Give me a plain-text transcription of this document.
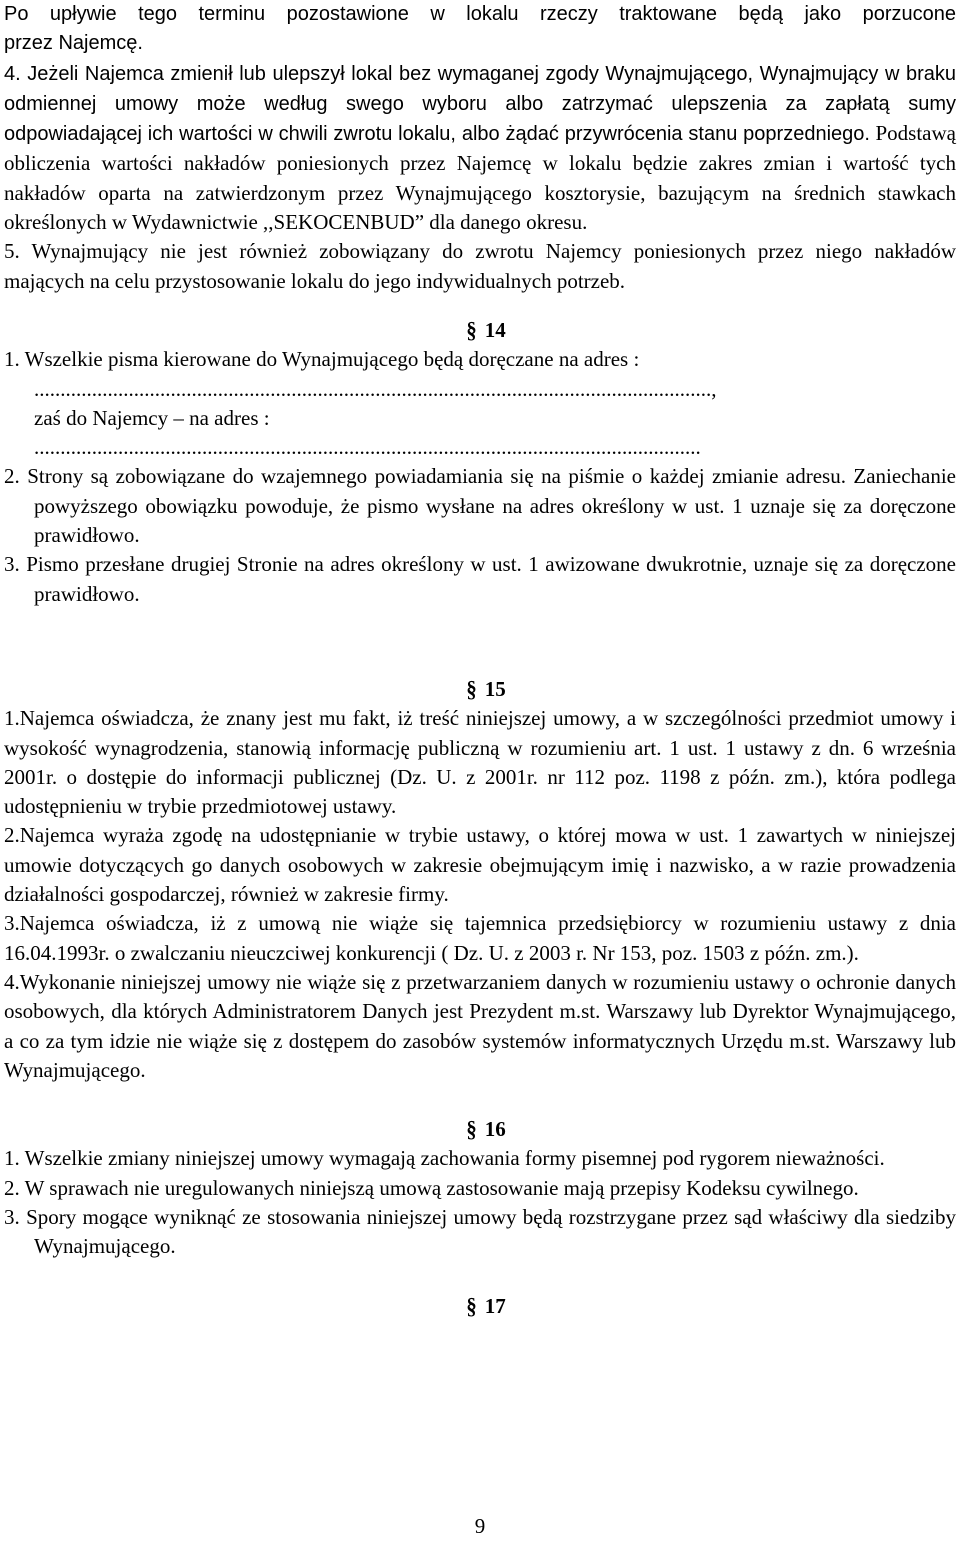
Po upływie tego terminu pozostawione w lokalu rzeczy traktowane będą jako porzucone

przez Najemcę.

4. Jeżeli Najemca zmienił lub ulepszył lokal bez wymaganej zgody Wynajmującego, Wynajmujący w braku odmiennej umowy może według swego wyboru albo zatrzymać ulepszenia za zapłatą sumy odpowiadającej ich wartości w chwili zwrotu lokalu, albo żądać przywrócenia stanu poprzedniego. Podstawą obliczenia wartości nakładów poniesionych przez Najemcę w lokalu będzie zakres zmian i wartość tych nakładów oparta na zatwierdzonym przez Wynajmującego kosztorysie, bazującym na średnich stawkach określonych w Wydawnictwie ,,SEKOCENBUD” dla danego okresu.

5. Wynajmujący nie jest również zobowiązany do zwrotu Najemcy poniesionych przez niego nakładów mających na celu przystosowanie lokalu do jego indywidualnych potrzeb.

§ 14

1. Wszelkie pisma kierowane do Wynajmującego będą doręczane na adres :

.................................................................................................................................,

zaś do Najemcy – na adres :

...............................................................................................................................

2. Strony są zobowiązane do wzajemnego powiadamiania się na piśmie o każdej zmianie adresu. Zaniechanie powyższego obowiązku powoduje, że pismo wysłane na adres określony w ust. 1 uznaje się za doręczone prawidłowo.

3. Pismo przesłane drugiej Stronie na adres określony w ust. 1 awizowane dwukrotnie, uznaje się za doręczone prawidłowo.

§ 15

1.Najemca oświadcza, że znany jest mu fakt, iż treść niniejszej umowy, a w szczególności przedmiot umowy i wysokość wynagrodzenia, stanowią informację publiczną w rozumieniu art. 1 ust. 1 ustawy z dn. 6 września 2001r. o dostępie do informacji publicznej (Dz. U. z 2001r. nr 112 poz. 1198 z późn. zm.), która podlega udostępnieniu w trybie przedmiotowej ustawy.

2.Najemca wyraża zgodę na udostępnianie w trybie ustawy, o której mowa w ust. 1 zawartych w niniejszej umowie dotyczących go danych osobowych w zakresie obejmującym imię i nazwisko, a w razie prowadzenia działalności gospodarczej, również w zakresie firmy.

3.Najemca oświadcza, iż z umową nie wiąże się tajemnica przedsiębiorcy w rozumieniu ustawy z dnia 16.04.1993r. o zwalczaniu nieuczciwej konkurencji ( Dz. U. z 2003 r. Nr 153, poz. 1503 z późn. zm.).

4.Wykonanie niniejszej umowy nie wiąże się z przetwarzaniem danych w rozumieniu ustawy o ochronie danych osobowych, dla których Administratorem Danych jest Prezydent m.st. Warszawy lub Dyrektor Wynajmującego, a co za tym idzie nie wiąże się z dostępem do zasobów systemów informatycznych Urzędu m.st. Warszawy lub Wynajmującego.

§ 16

1. Wszelkie zmiany niniejszej umowy wymagają zachowania formy pisemnej pod rygorem nieważności.

2. W sprawach nie uregulowanych niniejszą umową zastosowanie mają przepisy Kodeksu cywilnego.

3. Spory mogące wyniknąć ze stosowania niniejszej umowy będą rozstrzygane przez sąd właściwy dla siedziby Wynajmującego.

§ 17

9
